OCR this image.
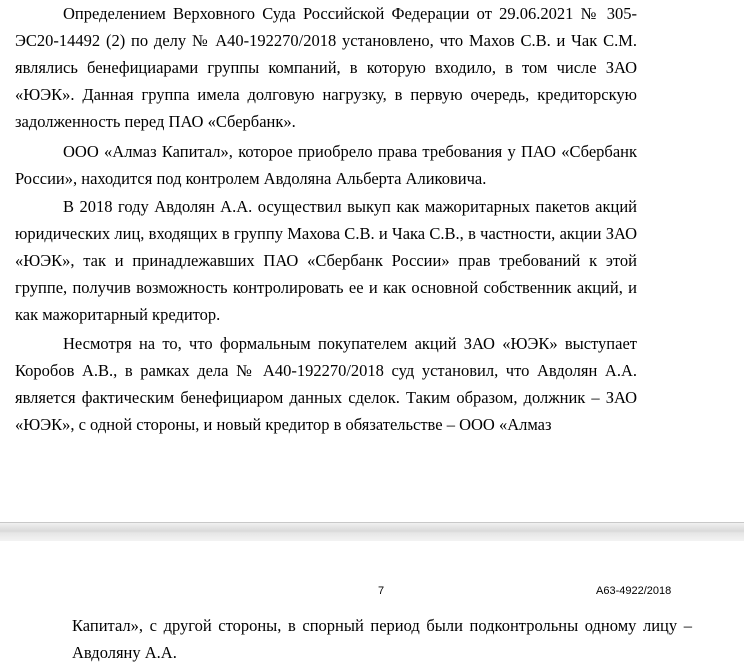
Определением Верховного Суда Российской Федерации от 29.06.2021 № 305-ЭС20-14492 (2) по делу № А40-192270/2018 установлено, что Махов С.В. и Чак С.М. являлись бенефициарами группы компаний, в которую входило, в том числе ЗАО «ЮЭК». Данная группа имела долговую нагрузку, в первую очередь, кредиторскую задолженность перед ПАО «Сбербанк».

ООО «Алмаз Капитал», которое приобрело права требования у ПАО «Сбербанк России», находится под контролем Авдоляна Альберта Аликовича.

В 2018 году Авдолян А.А. осуществил выкуп как мажоритарных пакетов акций юридических лиц, входящих в группу Махова С.В. и Чака С.В., в частности, акции ЗАО «ЮЭК», так и принадлежавших ПАО «Сбербанк России» прав требований к этой группе, получив возможность контролировать ее и как основной собственник акций, и как мажоритарный кредитор.

Несмотря на то, что формальным покупателем акций ЗАО «ЮЭК» выступает Коробов А.В., в рамках дела № А40-192270/2018 суд установил, что Авдолян А.А. является фактическим бенефициаром данных сделок. Таким образом, должник – ЗАО «ЮЭК», с одной стороны, и новый кредитор в обязательстве – ООО «Алмаз

7	А63-4922/2018

Капитал», с другой стороны, в спорный период были подконтрольны одному лицу – Авдоляну А.А.
